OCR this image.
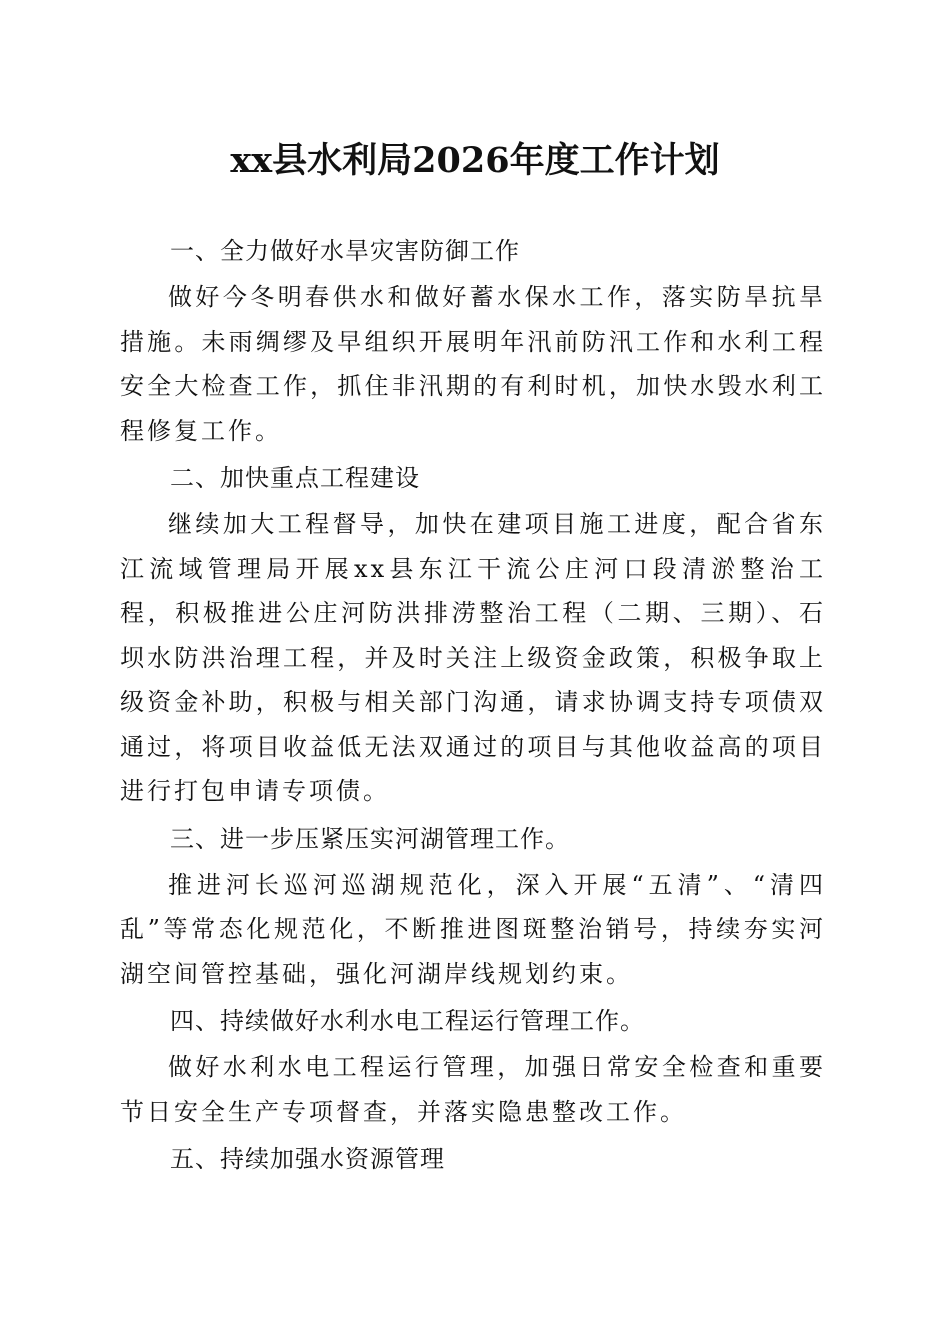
xx县水利局2026年度工作计划
一、全力做好水旱灾害防御工作

做好今冬明春供水和做好蓄水保水工作，落实防旱抗旱措施。未雨绸缪及早组织开展明年汛前防汛工作和水利工程安全大检查工作，抓住非汛期的有利时机，加快水毁水利工程修复工作。

二、加快重点工程建设

继续加大工程督导，加快在建项目施工进度，配合省东江流域管理局开展xx县东江干流公庄河口段清淤整治工程，积极推进公庄河防洪排涝整治工程（二期、三期）、石坝水防洪治理工程，并及时关注上级资金政策，积极争取上级资金补助，积极与相关部门沟通，请求协调支持专项债双通过，将项目收益低无法双通过的项目与其他收益高的项目进行打包申请专项债。

三、进一步压紧压实河湖管理工作。

推进河长巡河巡湖规范化，深入开展“五清”、“清四乱”等常态化规范化，不断推进图斑整治销号，持续夯实河湖空间管控基础，强化河湖岸线规划约束。

四、持续做好水利水电工程运行管理工作。

做好水利水电工程运行管理，加强日常安全检查和重要节日安全生产专项督查，并落实隐患整改工作。

五、持续加强水资源管理
